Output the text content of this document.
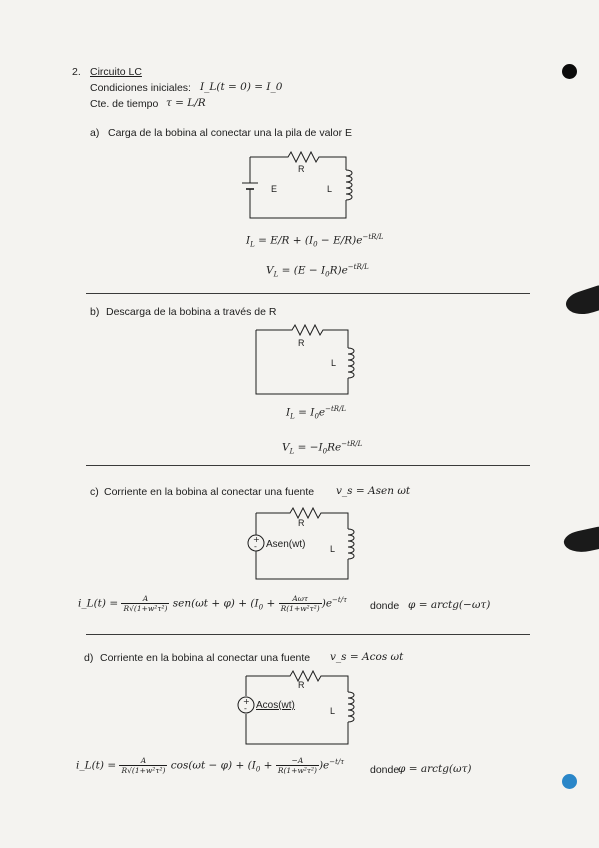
2. Circuito LC
Condiciones iniciales: I_L(t = 0) = I_0
Cte. de tiempo τ = L/R
a) Carga de la bobina al conectar una la pila de valor E
R
L
E
$I_L = E/R + (I_0 - E/R)e^{-tR/L}$
$V_L = (E - I_0R)e^{-tR/L}$
b) Descarga de la bobina a través de R
R
L
$I_L = I_0e^{-tR/L}$
$V_L = -I_0Re^{-tR/L}$
c) Corriente en la bobina al conectar una fuente v_s = Asen ωt
+
-
R
L
Asen(wt)
i_L(t) = $\frac{A}{\text{R√(1+w²τ²)}} sen(\omega t + \varphi) + (I_0 + \frac{\text{Aωτ}}{\text{R(1+w²τ²)}} )e^{-t/\tau}$ donde φ = arctg(−ωτ)
d) Corriente en la bobina al conectar una fuente v_s = Acos ωt
+
-
R
L
Acos(wt)
i_L(t) = $\frac{A}{\text{R√(1+w²τ²)}} \cos(\omega t - \varphi) + (I_0 + \frac{-A}{\text{R(1+w²τ²)}} )e^{-t/\tau}$
donde
φ = arctg(ωτ)
